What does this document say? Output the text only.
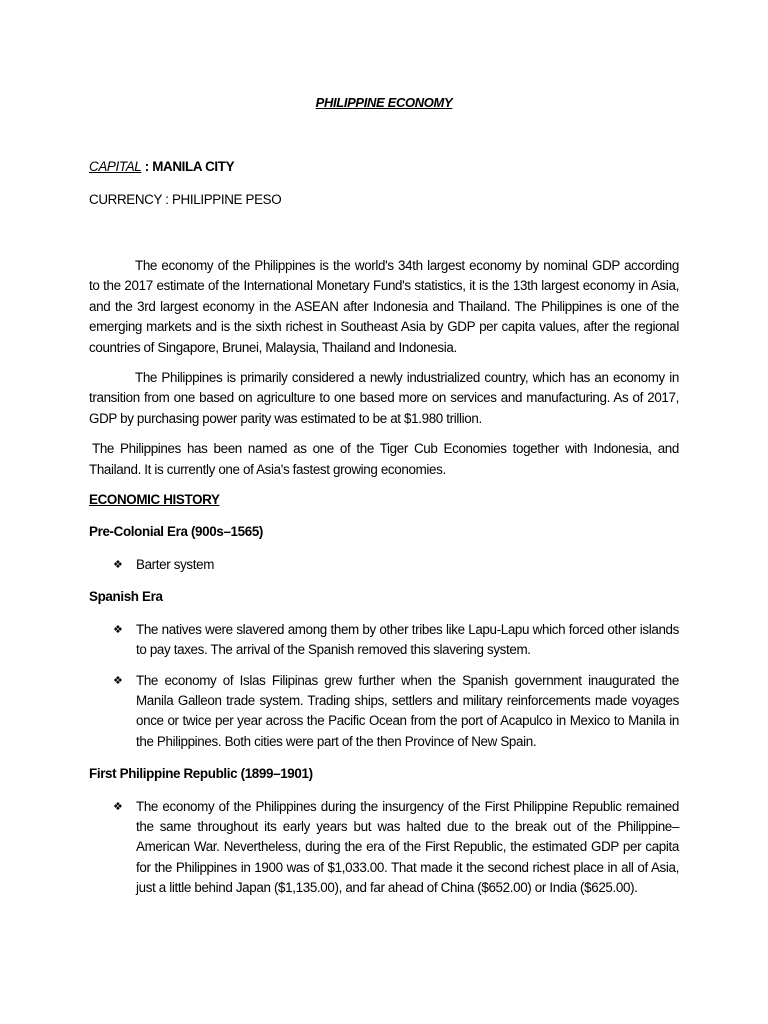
PHILIPPINE ECONOMY
CAPITAL : MANILA CITY
CURRENCY : PHILIPPINE PESO

The economy of the Philippines is the world's 34th largest economy by nominal GDP according to the 2017 estimate of the International Monetary Fund's statistics, it is the 13th largest economy in Asia, and the 3rd largest economy in the ASEAN after Indonesia and Thailand. The Philippines is one of the emerging markets and is the sixth richest in Southeast Asia by GDP per capita values, after the regional countries of Singapore, Brunei, Malaysia, Thailand and Indonesia.

The Philippines is primarily considered a newly industrialized country, which has an economy in transition from one based on agriculture to one based more on services and manufacturing. As of 2017, GDP by purchasing power parity was estimated to be at $1.980 trillion.

The Philippines has been named as one of the Tiger Cub Economies together with Indonesia, and Thailand. It is currently one of Asia's fastest growing economies.

ECONOMIC HISTORY
Pre-Colonial Era (900s–1565)
❖ Barter system
Spanish Era
❖ The natives were slavered among them by other tribes like Lapu-Lapu which forced other islands to pay taxes. The arrival of the Spanish removed this slavering system.
❖ The economy of Islas Filipinas grew further when the Spanish government inaugurated the Manila Galleon trade system. Trading ships, settlers and military reinforcements made voyages once or twice per year across the Pacific Ocean from the port of Acapulco in Mexico to Manila in the Philippines. Both cities were part of the then Province of New Spain.
First Philippine Republic (1899–1901)
❖ The economy of the Philippines during the insurgency of the First Philippine Republic remained the same throughout its early years but was halted due to the break out of the Philippine–American War. Nevertheless, during the era of the First Republic, the estimated GDP per capita for the Philippines in 1900 was of $1,033.00. That made it the second richest place in all of Asia, just a little behind Japan ($1,135.00), and far ahead of China ($652.00) or India ($625.00).
